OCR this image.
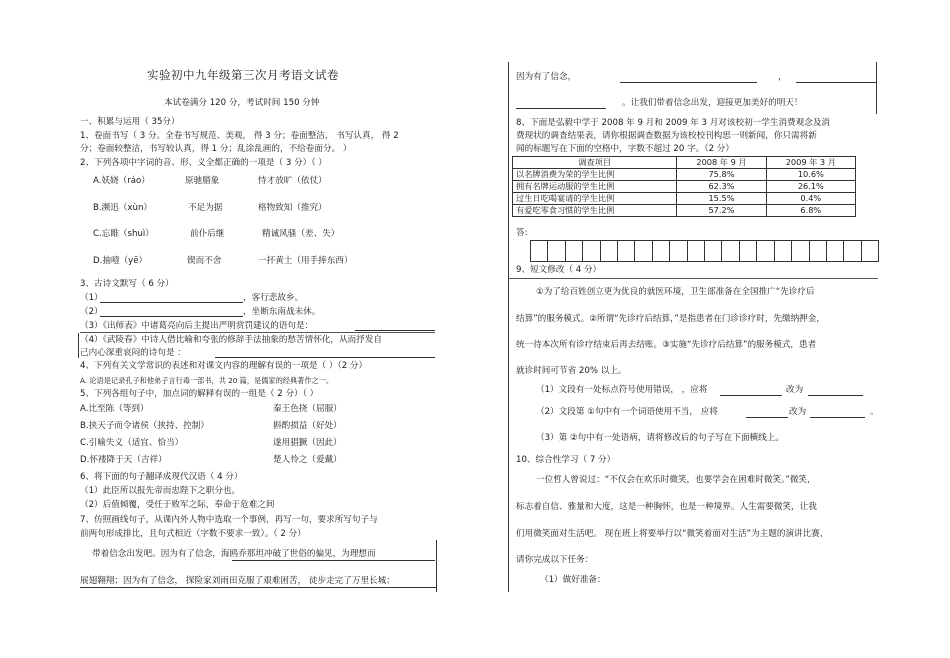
实验初中九年级第三次月考语文试卷
本试卷满分 120 分，考试时间 150 分钟
一、积累与运用（ 35分）
1、卷面书写（ 3 分。全卷书写规范、美观， 得 3 分；卷面整洁， 书写认真， 得 2
分；卷面较整洁，书写较认真，得 1 分；乱涂乱画的，不给卷面分。 ）
2、下列各项中字词的音、形、义全都正确的一项是（ 3 分）（ ）
A.妖娆（ráo）	原驰腊象	恃才放旷（依仗）
B.濒迅（xùn）	不足为据	格物致知（推究）
C.忘睢（shuì）	前仆后继	精诚风骚（差、失）
D.抽噎（yē）	锲而不舍	一抔黄土（用手捧东西）
3、古诗文默写（ 6 分）
（1）	，客行悲故乡。
（2）	，坐断东南战未休。
（3）《出师表》中诸葛亮向后主提出严明赏罚建议的语句是：
（4）《武陵春》中诗人借比喻和夸张的修辞手法抽象的愁苦情怀化，从而抒发自
己内心深重哀闷的诗句是 ：
4、下列有关文学常识的表述和对课文内容的理解有误的一项是（ ）（2 分）
A. 论语是记录孔子和他弟子言行毒一部书，共 20 篇，是儒家的经典著作之一。
5、下列各组句子中，加点词的解释有误的一组是（ 2 分）（ ）
A.比至陈（等到）	秦王色挠（屈服）
B.挟天子而令诸侯（挟持、控制）	斟酌损益（好处）
C.引喻失义（适宜、恰当）	遂用猖獗（因此）
D.怀褛降于天（吉祥）	楚人怜之（爱戴）
6、将下面的句子翻译成现代汉语（ 4 分）
（1）此臣所以报先帝而忠陛下之职分也。
（2）后值倾覆，受任于败军之际，奉命于危难之间
7、仿照画线句子，从课内外人物中选取一个事例，再写一句，要求所写句子与
前两句形成排比，且句式相近（字数不要求一致）。（ 2 分）
带着信念出发吧。因为有了信念，海鸥乔那坦冲破了世俗的偏见，为理想而
展翅翱翔；因为有了信念， 探险家刘雨田克服了艰难困苦， 徒步走完了万里长城；
因为有了信念，	，
。让我们带着信念出发，迎接更加美好的明天！
8、下面是弘毅中学于 2008 年 9 月和 2009 年 3 月对该校初一学生消费观念及消
费现状的调查结果表，请你根据调查数据为该校校刊构思一则新闻，你只需将新
闻的标题写在下面的空格中，字数不超过 20 字。（2 分）
调查项目	2008 年 9 月	2009 年 3 月
以名牌消费为荣的学生比例	75.8%	10.6%
拥有名牌运动服的学生比例	62.3%	26.1%
过生日吃喝宴请的学生比例	15.5%	0.4%
有爱吃零食习惯的学生比例	57.2%	6.8%
答:
9、短文修改（ 4 分）
①为了给百姓创立更为优良的就医环境，卫生部准备在全国推广“先诊疗后
结算”的服务模式。②所谓“先诊疗后结算，”是指患者在门诊诊疗时，先缴纳押金，
统一待本次所有诊疗结束后再去结账。③实施“先诊疗后结算”的服务模式，患者
就诊时间可节省 20% 以上。
（1）文段有一处标点符号使用错误， ，应将	改为
（2）文段第 ①句中有一个词语使用不当， 应将	改为	。
（3）第 ②句中有一处语病，请将修改后的句子写在下面横线上。
10、综合性学习（ 7 分）
一位哲人曾说过：“不仅会在欢乐时微笑，也要学会在困难时微笑。”微笑，
标志着自信、雅量和大度，这是一种胸怀，也是一种境界。人生需要微笑，让我
们用微笑面对生活吧。 现在班上将要举行以“微笑着面对生活”为主题的演讲比赛，
请你完成以下任务：
（1）做好准备：
